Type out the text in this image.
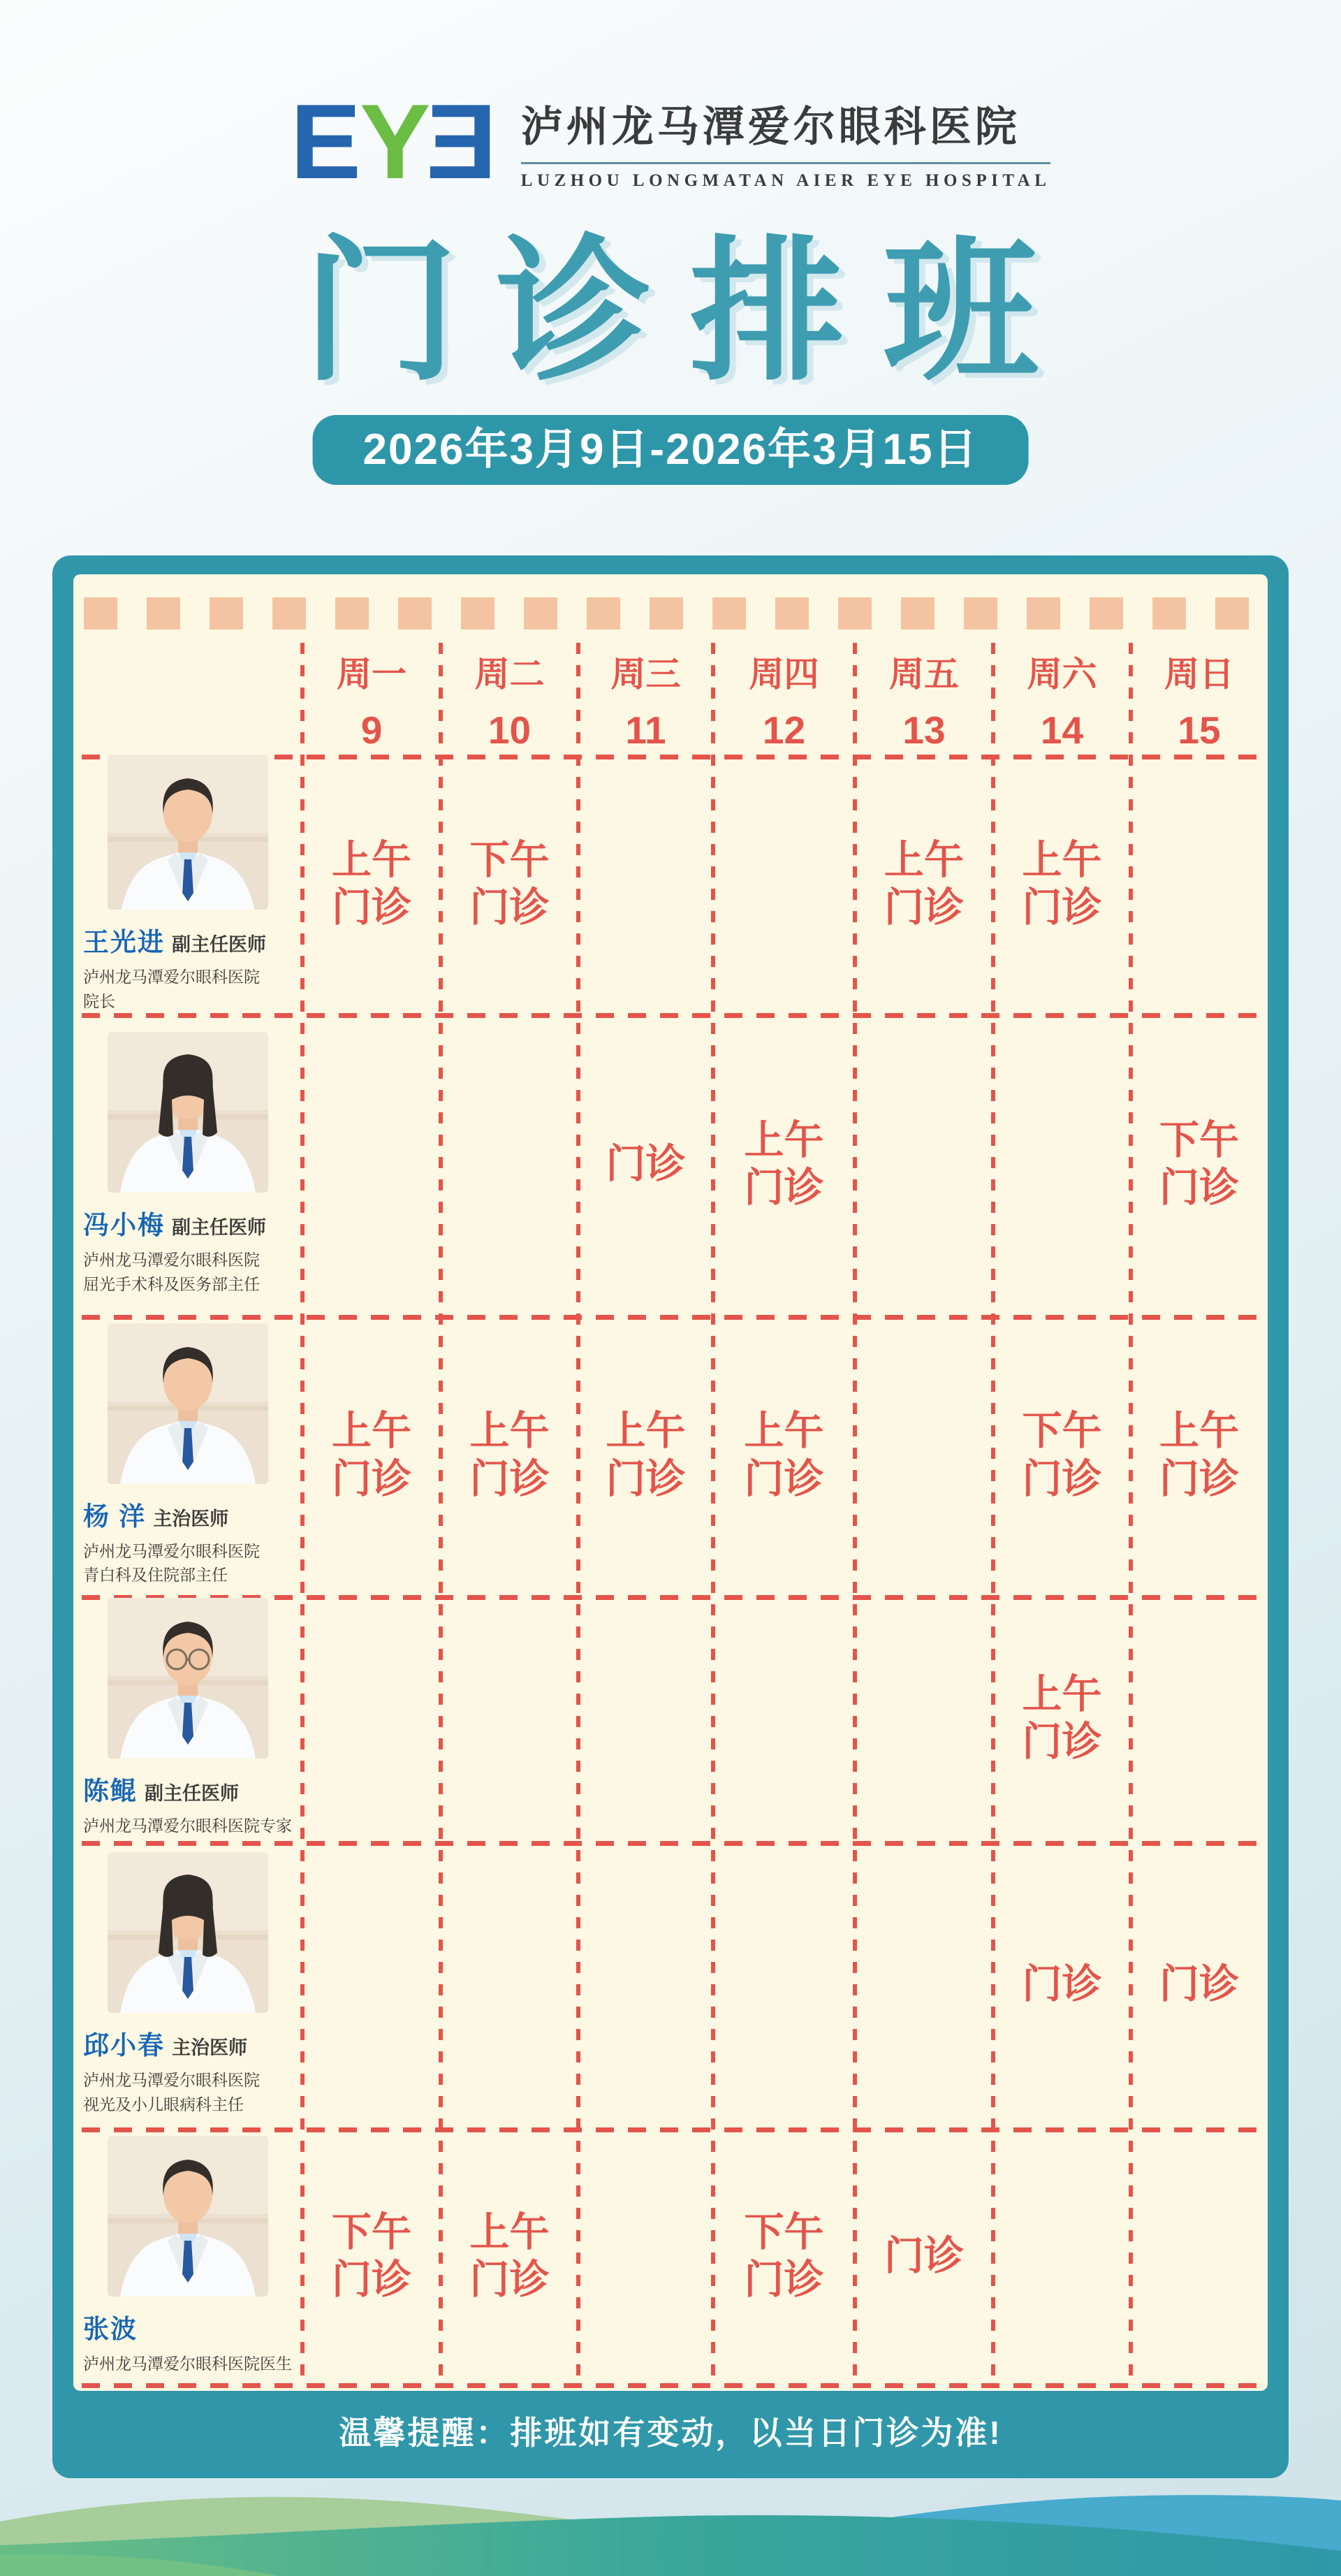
E Y E 泸州龙马潭爱尔眼科医院
LUZHOU LONGMATAN AIER EYE HOSPITAL
门诊排班
2026年3月9日-2026年3月15日
周一
9
周二
10
周三
11
周四
12
周五
13
周六
14
周日
15
王光进 副主任医师
泸州龙马潭爱尔眼科医院
院长
上午
门诊
下午
门诊
上午
门诊
上午
门诊
冯小梅 副主任医师
泸州龙马潭爱尔眼科医院
屈光手术科及医务部主任
门诊
上午
门诊
下午
门诊
杨 洋 主治医师
泸州龙马潭爱尔眼科医院
青白科及住院部主任
上午
门诊
上午
门诊
上午
门诊
上午
门诊
下午
门诊
上午
门诊
陈鲲 副主任医师
泸州龙马潭爱尔眼科医院专家
上午
门诊
邱小春 主治医师
泸州龙马潭爱尔眼科医院
视光及小儿眼病科主任
门诊 门诊
张波
泸州龙马潭爱尔眼科医院医生
下午
门诊
上午
门诊
下午
门诊
门诊
温馨提醒：排班如有变动，以当日门诊为准!
